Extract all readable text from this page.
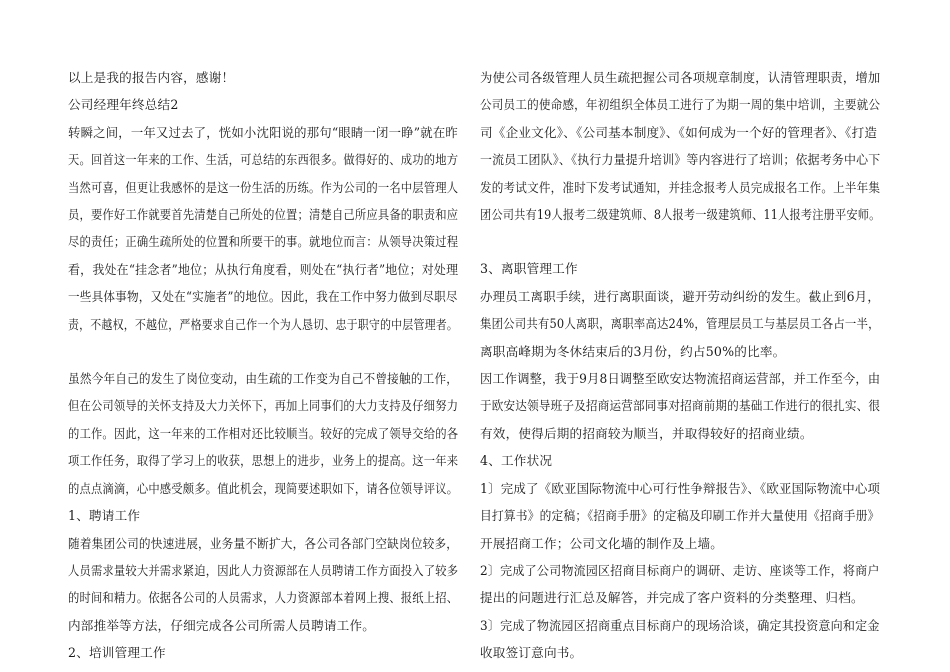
以上是我的报告内容，感谢！

公司经理年终总结2

转瞬之间，一年又过去了，恍如小沈阳说的那句“眼睛一闭一睁”就在昨

天。回首这一年来的工作、生活，可总结的东西很多。做得好的、成功的地方

当然可喜，但更让我感怀的是这一份生活的历练。作为公司的一名中层管理人

员，要作好工作就要首先清楚自己所处的位置；清楚自己所应具备的职责和应

尽的责任；正确生疏所处的位置和所要干的事。就地位而言：从领导决策过程

看，我处在“挂念者”地位；从执行角度看，则处在“执行者”地位；对处理

一些具体事物，又处在“实施者”的地位。因此，我在工作中努力做到尽职尽

责，不越权，不越位，严格要求自己作一个为人恳切、忠于职守的中层管理者。

虽然今年自己的发生了岗位变动，由生疏的工作变为自己不曾接触的工作，

但在公司领导的关怀支持及大力关怀下，再加上同事们的大力支持及仔细努力

的工作。因此，这一年来的工作相对还比较顺当。较好的完成了领导交给的各

项工作任务，取得了学习上的收获，思想上的进步，业务上的提高。这一年来

的点点滴滴，心中感受颇多。值此机会，现简要述职如下，请各位领导评议。

1、聘请工作

随着集团公司的快速进展，业务量不断扩大，各公司各部门空缺岗位较多，

人员需求量较大并需求紧迫，因此人力资源部在人员聘请工作方面投入了较多

的时间和精力。依据各公司的人员需求，人力资源部本着网上搜、报纸上招、

内部推举等方法，仔细完成各公司所需人员聘请工作。

2、培训管理工作

为使公司各级管理人员生疏把握公司各项规章制度，认清管理职责，增加

公司员工的使命感，年初组织全体员工进行了为期一周的集中培训，主要就公

司《企业文化》、《公司基本制度》、《如何成为一个好的管理者》、《打造

一流员工团队》、《执行力量提升培训》等内容进行了培训；依据考务中心下

发的考试文件，准时下发考试通知，并挂念报考人员完成报名工作。上半年集

团公司共有19人报考二级建筑师、8人报考一级建筑师、11人报考注册平安师。

3、离职管理工作

办理员工离职手续，进行离职面谈，避开劳动纠纷的发生。截止到6月，

集团公司共有50人离职，离职率高达24%，管理层员工与基层员工各占一半，

离职高峰期为冬休结束后的3月份，约占50%的比率。

因工作调整，我于9月8日调整至欧安达物流招商运营部，并工作至今，由

于欧安达领导班子及招商运营部同事对招商前期的基础工作进行的很扎实、很

有效，使得后期的招商较为顺当，并取得较好的招商业绩。

4、工作状况

1〕完成了《欧亚国际物流中心可行性争辩报告》、《欧亚国际物流中心项

目打算书》的定稿；《招商手册》的定稿及印刷工作并大量使用《招商手册》

开展招商工作；公司文化墙的制作及上墙。

2〕完成了公司物流园区招商目标商户的调研、走访、座谈等工作，将商户

提出的问题进行汇总及解答，并完成了客户资料的分类整理、归档。

3〕完成了物流园区招商重点目标商户的现场洽谈，确定其投资意向和定金

收取签订意向书。
